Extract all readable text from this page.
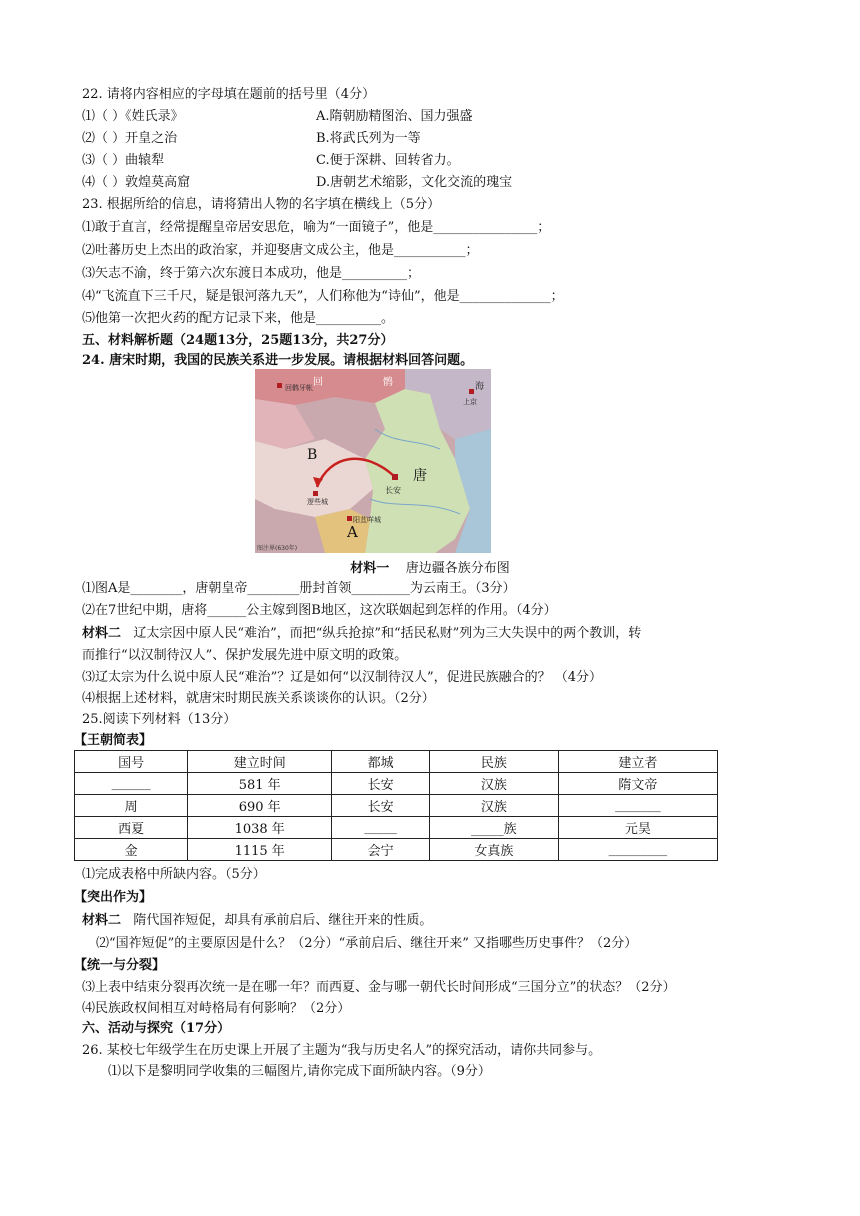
22. 请将内容相应的字母填在题前的括号里（4分）
⑴（ ）《姓氏录》	A.隋朝励精图治、国力强盛
⑵（ ）开皇之治	B.将武氏列为一等
⑶（ ）曲辕犁	C.便于深耕、回转省力。
⑷（ ）敦煌莫高窟	D.唐朝艺术缩影，文化交流的瑰宝
23. 根据所给的信息，请将猜出人物的名字填在横线上（5分）
⑴敢于直言，经常提醒皇帝居安思危，喻为“一面镜子”，他是________________；
⑵吐蕃历史上杰出的政治家，并迎娶唐文成公主，他是___________；
⑶矢志不渝，终于第六次东渡日本成功，他是__________；
⑷“飞流直下三千尺，疑是银河落九天”，人们称他为“诗仙”，他是______________；
⑸他第一次把火药的配方记录下来，他是__________。
五、材料解析题（24题13分，25题13分，共27分）
24. 唐宋时期，我国的民族关系进一步发展。请根据材料回答问题。
回	鹘
回鹘牙帐
上京
海
B
A
唐
长安
逻些城
阳苴咩城
图注界(630年)
材料一 唐边疆各族分布图
⑴图A是________，唐朝皇帝________册封首领_________为云南王。（3分）
⑵在7世纪中期，唐将______公主嫁到图B地区，这次联姻起到怎样的作用。（4分）
材料二 辽太宗因中原人民“难治”，而把“纵兵抢掠”和“括民私财”列为三大失误中的两个教训，转
而推行“以汉制待汉人”、保护发展先进中原文明的政策。
⑶辽太宗为什么说中原人民“难治”？辽是如何“以汉制待汉人”，促进民族融合的？ （4分）
⑷根据上述材料，就唐宋时期民族关系谈谈你的认识。（2分）
25.阅读下列材料（13分）
【王朝简表】
国号	建立时间	都城	民族	建立者
______	581 年	长安	汉族	隋文帝
周	690 年	长安	汉族	_______
西夏	1038 年	_____	_____族	元昊
金	1115 年	会宁	女真族	_________
⑴完成表格中所缺内容。（5分）
【突出作为】
材料二 隋代国祚短促，却具有承前启后、继往开来的性质。
⑵“国祚短促”的主要原因是什么？（2分）“承前启后、继往开来” 又指哪些历史事件？（2分）
【统一与分裂】
⑶上表中结束分裂再次统一是在哪一年？而西夏、金与哪一朝代长时间形成“三国分立”的状态？（2分）
⑷民族政权间相互对峙格局有何影响？（2分）
六、活动与探究（17分）
26. 某校七年级学生在历史课上开展了主题为“我与历史名人”的探究活动，请你共同参与。
⑴以下是黎明同学收集的三幅图片,请你完成下面所缺内容。（9分）
